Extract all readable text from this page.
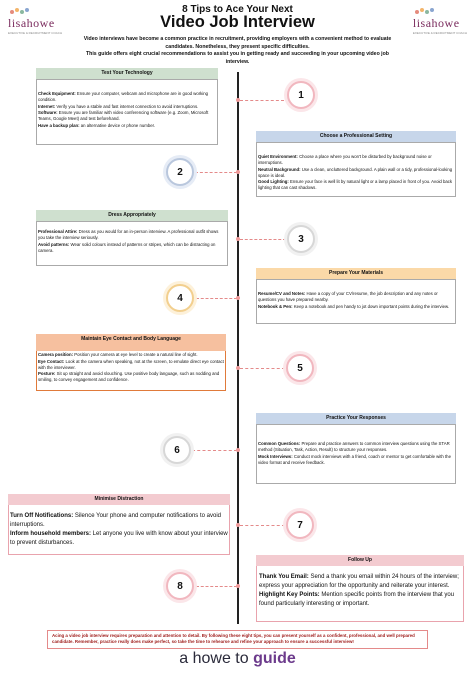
lisahowe
EXECUTIVE & RECRUITMENT COACH
lisahowe
EXECUTIVE & RECRUITMENT COACH
8 Tips to Ace Your Next
Video Job Interview

Video interviews have become a common practice in recruitment, providing employers with a convenient method to evaluate

candidates. Nonetheless, they present specific difficulties.

This guide offers eight crucial recommendations to assist you in getting ready and succeeding in your upcoming video job

interview.

Test Your Technology
Check Equipment: Ensure your computer, webcam and microphone are in good working condition.
Internet: Verify you have a stable and fast internet connection to avoid interruptions.
Software: Ensure you are familiar with video conferencing software (e.g. Zoom, Microsoft Teams, Google Meet) and test beforehand.
Have a backup plan: an alternative device or phone number.
1
Choose a Professional Setting
Quiet Environment: Choose a place where you won't be disturbed by background noise or interruptions.
Neutral Background: Use a clean, uncluttered background. A plain wall or a tidy, professional-looking space is ideal.
Good Lighting: Ensure your face is well lit by natural light or a lamp placed in front of you. Avoid back lighting that can cast shadows.
2
Dress Appropriately
Professional Attire: Dress as you would for an in-person interview. A professional outfit shows you take the interview seriously.
Avoid patterns: Wear solid colours instead of patterns or stripes, which can be distracting on camera.
3
Prepare Your Materials
Resume/CV and Notes: Have a copy of your CV/resume, the job description and any notes or questions you have prepared nearby.
Notebook & Pen: Keep a notebook and pen handy to jot down important points during the interview.
4
Maintain Eye Contact and Body Language
Camera position: Position your camera at eye level to create a natural line of sight.
Eye Contact: Look at the camera when speaking, not at the screen, to emulate direct eye contact with the interviewer.
Posture: Sit up straight and avoid slouching. Use positive body language, such as nodding and smiling, to convey engagement and confidence.
5
Practice Your Responses
Common Questions: Prepare and practice answers to common interview questions using the STAR method (Situation, Task, Action, Result) to structure your responses.
Mock Interviews: Conduct mock interviews with a friend, coach or mentor to get comfortable with the video format and receive feedback.
6
Minimise Distraction
Turn Off Notifications: Silence Your phone and computer notifications to avoid interruptions.
Inform household members: Let anyone you live with know about your interview to prevent disturbances.
7
Follow Up
Thank You Email: Send a thank you email within 24 hours of the interview; express your appreciation for the opportunity and reiterate your interest.
Highlight Key Points: Mention specific points from the interview that you found particularly interesting or important.
8
Acing a video job interview requires preparation and attention to detail. By following these eight tips, you can present yourself as a confident, professional, and well prepared candidate. Remember, practice really does make perfect, so take the time to rehearse and refine your approach to ensure a successful interview!
a howe to guide
